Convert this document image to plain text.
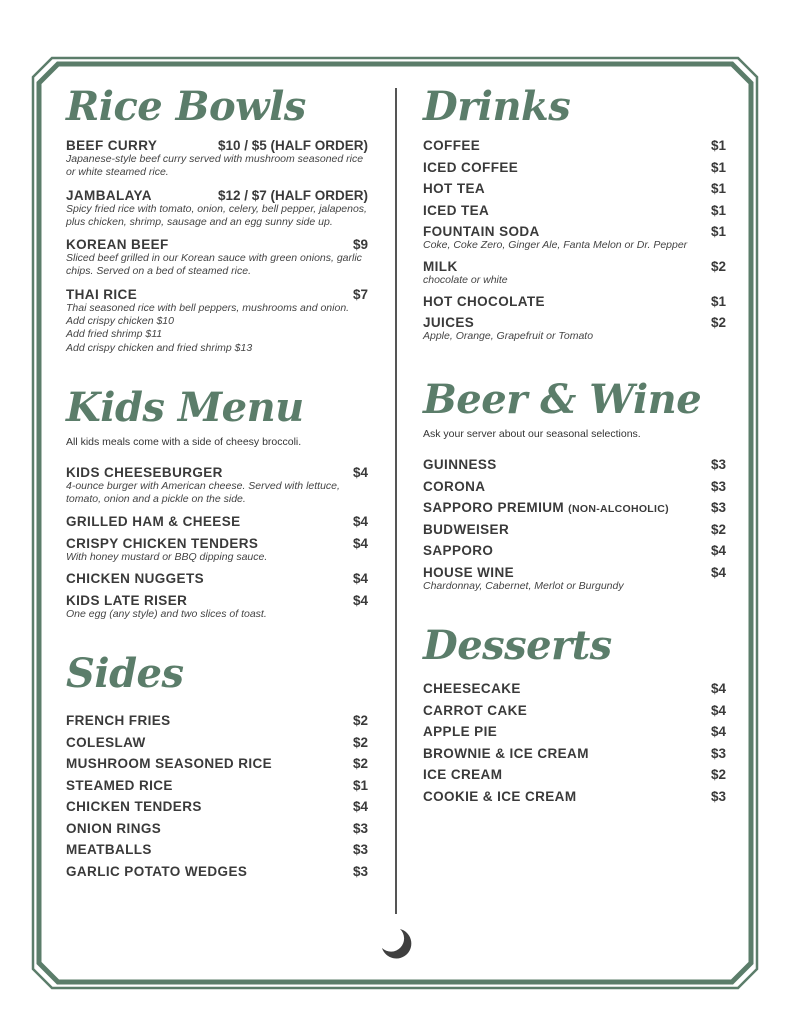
Rice Bowls
BEEF CURRY	$10 / $5 (HALF ORDER)
Japanese-style beef curry served with mushroom seasoned rice or white steamed rice.
JAMBALAYA	$12 / $7 (HALF ORDER)
Spicy fried rice with tomato, onion, celery, bell pepper, jalapenos, plus chicken, shrimp, sausage and an egg sunny side up.
KOREAN BEEF	$9
Sliced beef grilled in our Korean sauce with green onions, garlic chips. Served on a bed of steamed rice.
THAI RICE	$7
Thai seasoned rice with bell peppers, mushrooms and onion.
Add crispy chicken $10
Add fried shrimp $11
Add crispy chicken and fried shrimp $13
Kids Menu

All kids meals come with a side of cheesy broccoli.

KIDS CHEESEBURGER	$4
4-ounce burger with American cheese. Served with lettuce, tomato, onion and a pickle on the side.
GRILLED HAM & CHEESE	$4
CRISPY CHICKEN TENDERS	$4
With honey mustard or BBQ dipping sauce.
CHICKEN NUGGETS	$4
KIDS LATE RISER	$4
One egg (any style) and two slices of toast.
Sides
FRENCH FRIES	$2
COLESLAW	$2
MUSHROOM SEASONED RICE	$2
STEAMED RICE	$1
CHICKEN TENDERS	$4
ONION RINGS	$3
MEATBALLS	$3
GARLIC POTATO WEDGES	$3
Drinks
COFFEE	$1
ICED COFFEE	$1
HOT TEA	$1
ICED TEA	$1
FOUNTAIN SODA	$1
Coke, Coke Zero, Ginger Ale, Fanta Melon or Dr. Pepper
MILK	$2
chocolate or white
HOT CHOCOLATE	$1
JUICES	$2
Apple, Orange, Grapefruit or Tomato
Beer & Wine

Ask your server about our seasonal selections.

GUINNESS	$3
CORONA	$3
SAPPORO PREMIUM (NON-ALCOHOLIC)	$3
BUDWEISER	$2
SAPPORO	$4
HOUSE WINE	$4
Chardonnay, Cabernet, Merlot or Burgundy
Desserts
CHEESECAKE	$4
CARROT CAKE	$4
APPLE PIE	$4
BROWNIE & ICE CREAM	$3
ICE CREAM	$2
COOKIE & ICE CREAM	$3
